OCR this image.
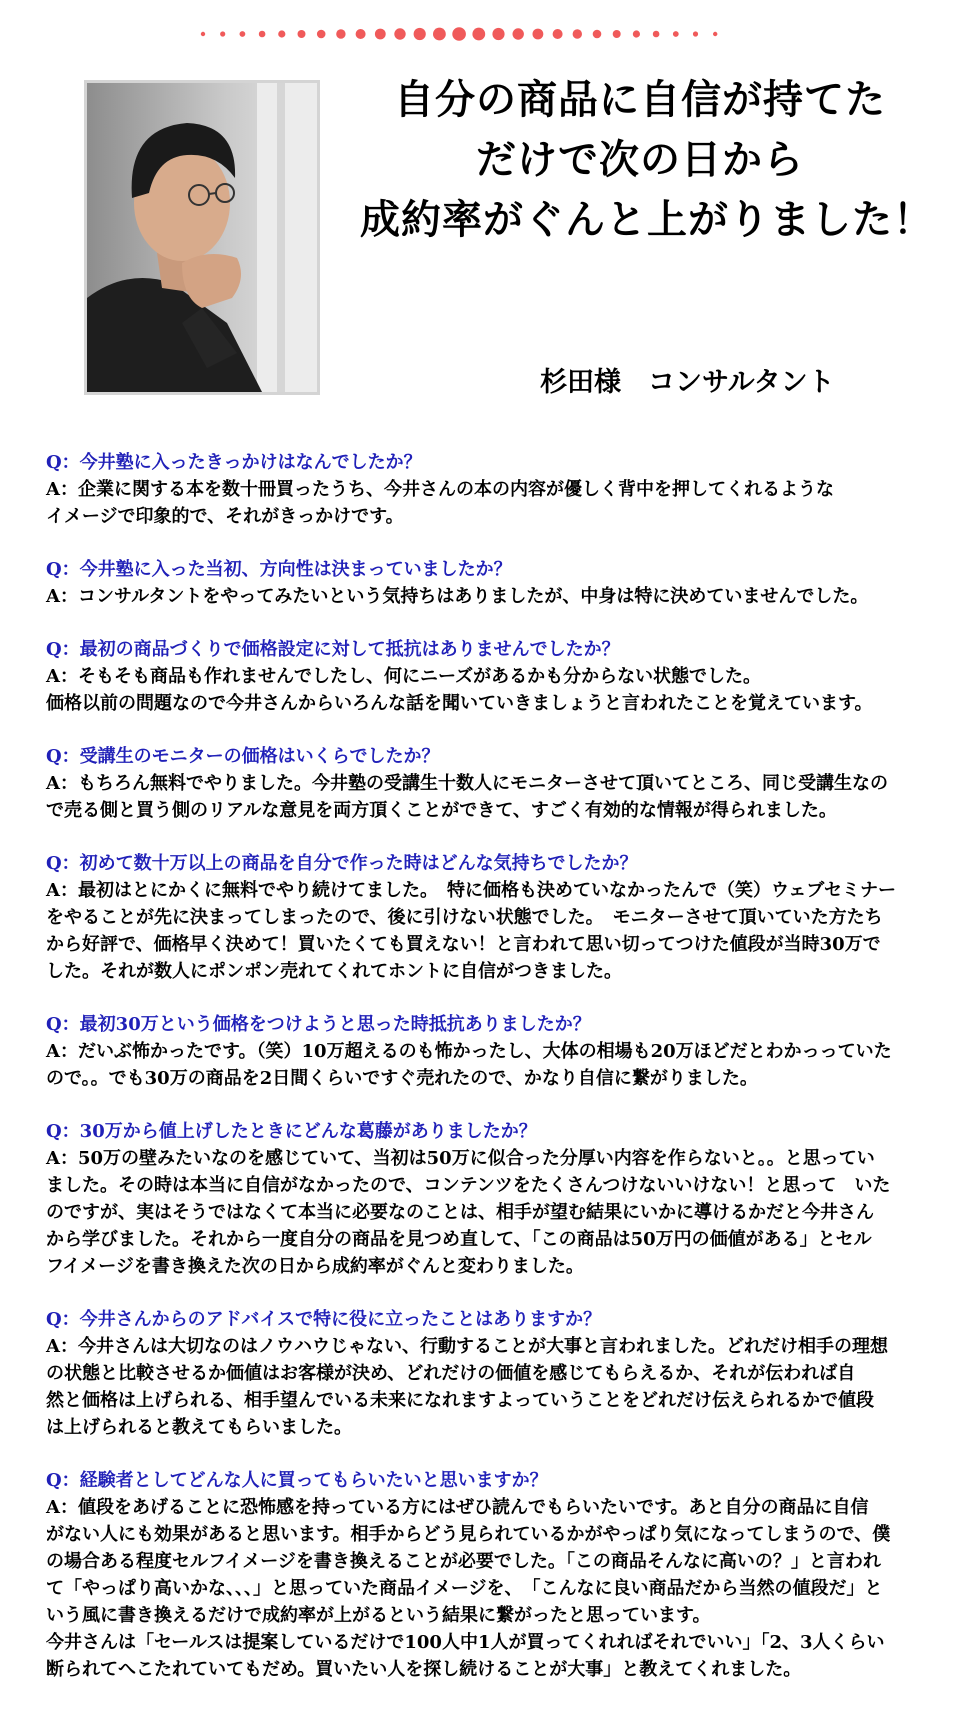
自分の商品に自信が持てた
だけで次の日から
成約率がぐんと上がりました！
杉田様　コンサルタント
Q：今井塾に入ったきっかけはなんでしたか？
A：企業に関する本を数十冊買ったうち、今井さんの本の内容が優しく背中を押してくれるような
イメージで印象的で、それがきっかけです。
Q：今井塾に入った当初、方向性は決まっていましたか？
A：コンサルタントをやってみたいという気持ちはありましたが、中身は特に決めていませんでした。
Q：最初の商品づくりで価格設定に対して抵抗はありませんでしたか？
A：そもそも商品も作れませんでしたし、何にニーズがあるかも分からない状態でした。
価格以前の問題なので今井さんからいろんな話を聞いていきましょうと言われたことを覚えています。
Q：受講生のモニターの価格はいくらでしたか？
A：もちろん無料でやりました。今井塾の受講生十数人にモニターさせて頂いてところ、同じ受講生なの
で売る側と買う側のリアルな意見を両方頂くことができて、すごく有効的な情報が得られました。
Q：初めて数十万以上の商品を自分で作った時はどんな気持ちでしたか？
A：最初はとにかくに無料でやり続けてました。　特に価格も決めていなかったんで（笑）ウェブセミナー
をやることが先に決まってしまったので、後に引けない状態でした。　モニターさせて頂いていた方たち
から好評で、価格早く決めて！買いたくても買えない！と言われて思い切ってつけた値段が当時30万で
した。それが数人にポンポン売れてくれてホントに自信がつきました。
Q：最初30万という価格をつけようと思った時抵抗ありましたか？
A：だいぶ怖かったです。（笑）10万超えるのも怖かったし、大体の相場も20万ほどだとわかっっていた
ので。。でも30万の商品を2日間くらいですぐ売れたので、かなり自信に繋がりました。
Q：30万から値上げしたときにどんな葛藤がありましたか？
A：50万の壁みたいなのを感じていて、当初は50万に似合った分厚い内容を作らないと。。と思ってい
ました。その時は本当に自信がなかったので、コンテンツをたくさんつけないいけない！と思って　いた
のですが、実はそうではなくて本当に必要なのことは、相手が望む結果にいかに導けるかだと今井さん
から学びました。それから一度自分の商品を見つめ直して、「この商品は50万円の価値がある」とセル
フイメージを書き換えた次の日から成約率がぐんと変わりました。
Q：今井さんからのアドバイスで特に役に立ったことはありますか？
A：今井さんは大切なのはノウハウじゃない、行動することが大事と言われました。どれだけ相手の理想
の状態と比較させるか価値はお客様が決め、どれだけの価値を感じてもらえるか、それが伝われば自
然と価格は上げられる、相手望んでいる未来になれますよっていうことをどれだけ伝えられるかで値段
は上げられると教えてもらいました。
Q：経験者としてどんな人に買ってもらいたいと思いますか？
A：値段をあげることに恐怖感を持っている方にはぜひ読んでもらいたいです。あと自分の商品に自信
がない人にも効果があると思います。相手からどう見られているかがやっぱり気になってしまうので、僕
の場合ある程度セルフイメージを書き換えることが必要でした。「この商品そんなに高いの？」と言われ
て「やっぱり高いかな、、、」と思っていた商品イメージを、　「こんなに良い商品だから当然の値段だ」と
いう風に書き換えるだけで成約率が上がるという結果に繋がったと思っています。
今井さんは「セールスは提案しているだけで100人中1人が買ってくれればそれでいい」「2、3人くらい
断られてへこたれていてもだめ。買いたい人を探し続けることが大事」と教えてくれました。
